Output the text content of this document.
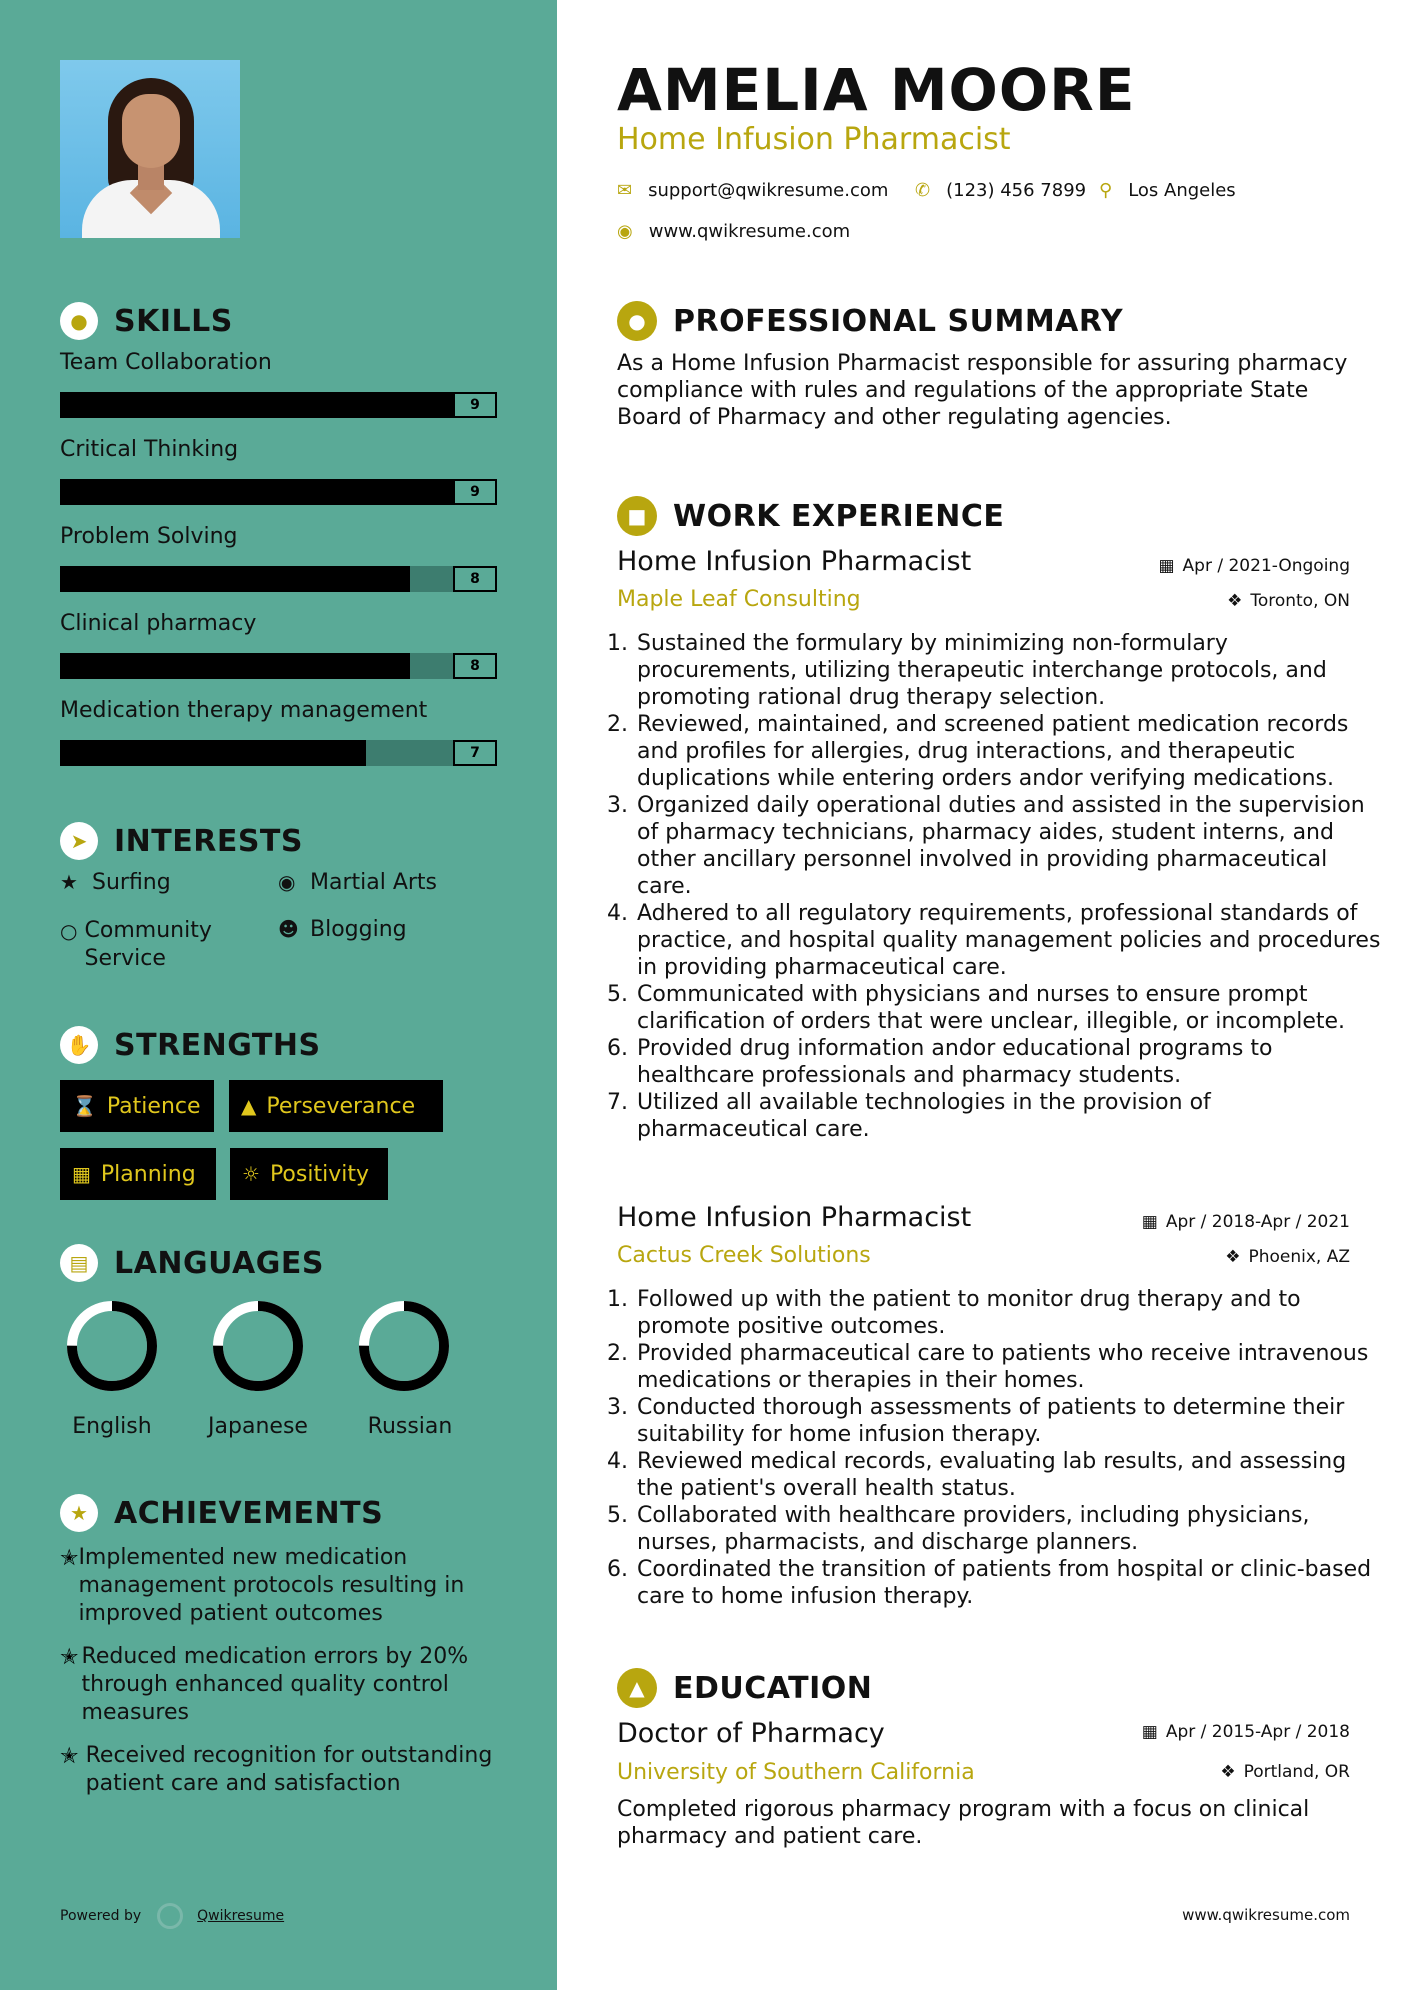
● SKILLS
Team Collaboration
9
Critical Thinking
9
Problem Solving
8
Clinical pharmacy
8
Medication therapy management
7
➤ INTERESTS
★ Surfing	◉ Martial Arts
○ Community Service
☻ Blogging
✋ STRENGTHS
⌛ Patience ▲ Perseverance
▦ Planning ☼ Positivity
▤ LANGUAGES
English	Japanese	Russian
★ ACHIEVEMENTS
✭ Implemented new medication management protocols resulting in improved patient outcomes
✭ Reduced medication errors by 20% through enhanced quality control measures
✭ Received recognition for outstanding patient care and satisfaction
Powered by	Qwikresume
AMELIA MOORE
Home Infusion Pharmacist
✉ support@qwikresume.com ✆ (123) 456 7899 ⚲ Los Angeles
◉ www.qwikresume.com
● PROFESSIONAL SUMMARY
As a Home Infusion Pharmacist responsible for assuring pharmacy compliance with rules and regulations of the appropriate State Board of Pharmacy and other regulating agencies.
■ WORK EXPERIENCE
Home Infusion Pharmacist	▦ Apr / 2021-Ongoing
Maple Leaf Consulting	❖ Toronto, ON
1. Sustained the formulary by minimizing non-formulary procurements, utilizing therapeutic interchange protocols, and promoting rational drug therapy selection.
2. Reviewed, maintained, and screened patient medication records and profiles for allergies, drug interactions, and therapeutic duplications while entering orders andor verifying medications.
3. Organized daily operational duties and assisted in the supervision of pharmacy technicians, pharmacy aides, student interns, and other ancillary personnel involved in providing pharmaceutical care.
4. Adhered to all regulatory requirements, professional standards of practice, and hospital quality management policies and procedures in providing pharmaceutical care.
5. Communicated with physicians and nurses to ensure prompt clarification of orders that were unclear, illegible, or incomplete.
6. Provided drug information andor educational programs to healthcare professionals and pharmacy students.
7. Utilized all available technologies in the provision of pharmaceutical care.
Home Infusion Pharmacist	▦ Apr / 2018-Apr / 2021
Cactus Creek Solutions	❖ Phoenix, AZ
1. Followed up with the patient to monitor drug therapy and to promote positive outcomes.
2. Provided pharmaceutical care to patients who receive intravenous medications or therapies in their homes.
3. Conducted thorough assessments of patients to determine their suitability for home infusion therapy.
4. Reviewed medical records, evaluating lab results, and assessing the patient's overall health status.
5. Collaborated with healthcare providers, including physicians, nurses, pharmacists, and discharge planners.
6. Coordinated the transition of patients from hospital or clinic-based care to home infusion therapy.
▲ EDUCATION
Doctor of Pharmacy	▦ Apr / 2015-Apr / 2018
University of Southern California	❖ Portland, OR
Completed rigorous pharmacy program with a focus on clinical pharmacy and patient care.
www.qwikresume.com
